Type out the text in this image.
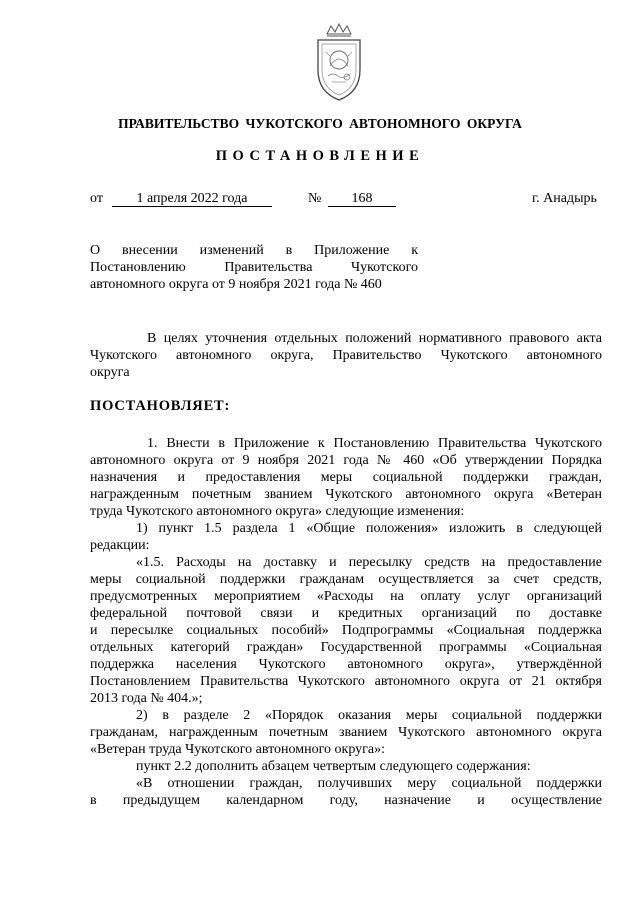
ПРАВИТЕЛЬСТВО ЧУКОТСКОГО АВТОНОМНОГО ОКРУГА
ПОСТАНОВЛЕНИЕ
от	1 апреля 2022 года	№	168	г. Анадырь
О внесении изменений в Приложение к
Постановлению Правительства Чукотского
автономного округа от 9 ноября 2021 года № 460
В целях уточнения отдельных положений нормативного правового акта
Чукотского автономного округа, Правительство Чукотского автономного
округа
ПОСТАНОВЛЯЕТ:
1. Внести в Приложение к Постановлению Правительства Чукотского
автономного округа от 9 ноября 2021 года № 460 «Об утверждении Порядка
назначения и предоставления меры социальной поддержки граждан,
награжденным почетным званием Чукотского автономного округа «Ветеран
труда Чукотского автономного округа» следующие изменения:
1) пункт 1.5 раздела 1 «Общие положения» изложить в следующей
редакции:
«1.5. Расходы на доставку и пересылку средств на предоставление
меры социальной поддержки гражданам осуществляется за счет средств,
предусмотренных мероприятием «Расходы на оплату услуг организаций
федеральной почтовой связи и кредитных организаций по доставке
и пересылке социальных пособий» Подпрограммы «Социальная поддержка
отдельных категорий граждан» Государственной программы «Социальная
поддержка населения Чукотского автономного округа», утверждённой
Постановлением Правительства Чукотского автономного округа от 21 октября
2013 года № 404.»;
2) в разделе 2 «Порядок оказания меры социальной поддержки
гражданам, награжденным почетным званием Чукотского автономного округа
«Ветеран труда Чукотского автономного округа»:
пункт 2.2 дополнить абзацем четвертым следующего содержания:
«В отношении граждан, получивших меру социальной поддержки
в предыдущем календарном году, назначение и осуществление
